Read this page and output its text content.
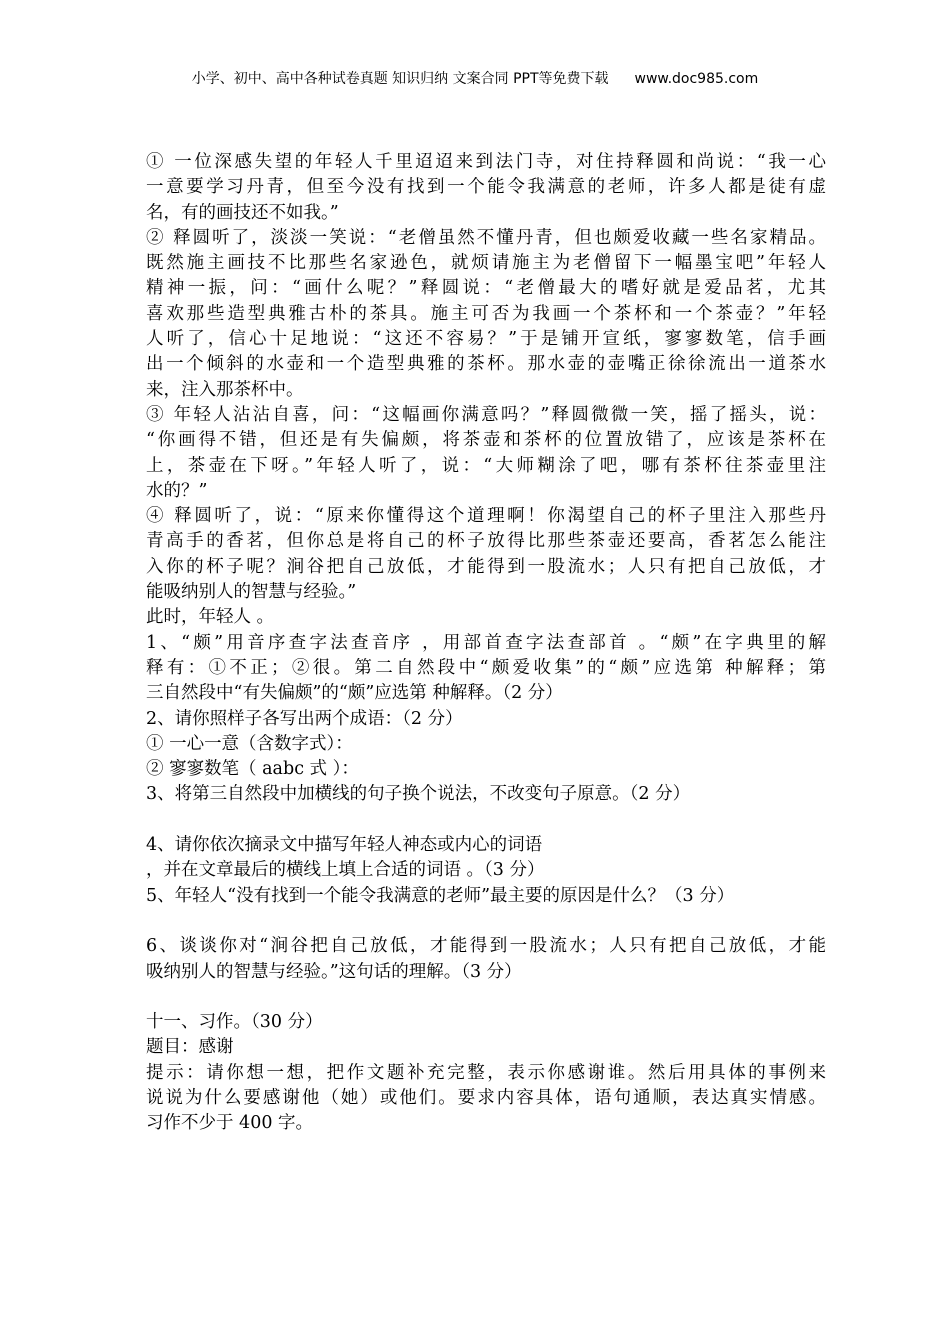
小学、初中、高中各种试卷真题 知识归纳 文案合同 PPT等免费下载 www.doc985.com
① 一位深感失望的年轻人千里迢迢来到法门寺，对住持释圆和尚说：“我一心
一意要学习丹青，但至今没有找到一个能令我满意的老师，许多人都是徒有虚
名，有的画技还不如我。”
② 释圆听了，淡淡一笑说：“老僧虽然不懂丹青，但也颇爱收藏一些名家精品。
既然施主画技不比那些名家逊色，就烦请施主为老僧留下一幅墨宝吧”年轻人
精神一振，问：“画什么呢？”释圆说：“老僧最大的嗜好就是爱品茗，尤其
喜欢那些造型典雅古朴的茶具。施主可否为我画一个茶杯和一个茶壶？”年轻
人听了，信心十足地说：“这还不容易？”于是铺开宣纸，寥寥数笔，信手画
出一个倾斜的水壶和一个造型典雅的茶杯。那水壶的壶嘴正徐徐流出一道茶水
来，注入那茶杯中。
③ 年轻人沾沾自喜，问：“这幅画你满意吗？”释圆微微一笑，摇了摇头，说：
“你画得不错，但还是有失偏颇，将茶壶和茶杯的位置放错了，应该是茶杯在
上，茶壶在下呀。”年轻人听了，说：“大师糊涂了吧，哪有茶杯往茶壶里注
水的？”
④ 释圆听了，说：“原来你懂得这个道理啊！你渴望自己的杯子里注入那些丹
青高手的香茗，但你总是将自己的杯子放得比那些茶壶还要高，香茗怎么能注
入你的杯子呢？涧谷把自己放低，才能得到一股流水；人只有把自己放低，才
能吸纳别人的智慧与经验。”
此时，年轻人 。
1、“颇”用音序查字法查音序 ，用部首查字法查部首 。“颇”在字典里的解
释有：①不正；②很。第二自然段中“颇爱收集”的“颇”应选第 种解释；第
三自然段中“有失偏颇”的“颇”应选第 种解释。（2 分）
2、请你照样子各写出两个成语：（2 分）
① 一心一意（含数字式）：
② 寥寥数笔（ aabc 式 ）：
3、将第三自然段中加横线的句子换个说法，不改变句子原意。（2 分）
4、请你依次摘录文中描写年轻人神态或内心的词语
，并在文章最后的横线上填上合适的词语 。（3 分）
5、年轻人“没有找到一个能令我满意的老师”最主要的原因是什么？（3 分）
6、谈谈你对“涧谷把自己放低，才能得到一股流水；人只有把自己放低，才能
吸纳别人的智慧与经验。”这句话的理解。（3 分）
十一、习作。（30 分）
题目：感谢
提示：请你想一想，把作文题补充完整，表示你感谢谁。然后用具体的事例来
说说为什么要感谢他（她）或他们。要求内容具体，语句通顺，表达真实情感。
习作不少于 400 字。
